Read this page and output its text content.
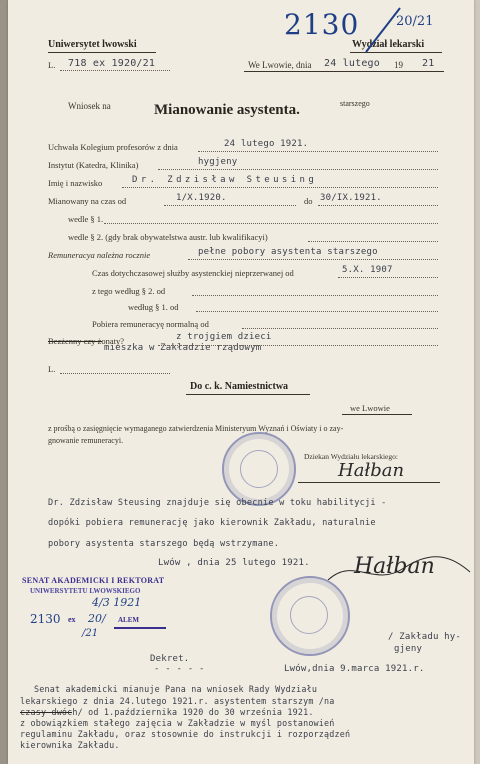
Uniwersytet lwowski	Wydział lekarski
2130	20/21
L. 718 ex 1920/21	We Lwowie, dnia 24 lutego 19 21
Wniosek na	Mianowanie asystenta.	starszego
Uchwała Kolegium profesorów z dnia	24 lutego 1921.
Instytut (Katedra, Klinika)	hygjeny
Imię i nazwisko	Dr. Zdzisław Steusing
Mianowany na czas od	1/X.1920.	do 30/IX.1921.
wedle § 1.
wedle § 2. (gdy brak obywatelstwa austr. lub kwalifikacyi)
Remuneracya należna rocznie	pełne pobory asystenta starszego
Czas dotychczasowej służby asystenckiej nieprzerwanej od	5.X. 1907
z tego według § 2. od
według § 1. od
Pobiera remuneracyę normalną od
Bezżenny czy żonaty?	z trojgiem dzieci
mieszka w Zakładzie rządowym
L.
Do c. k. Namiestnictwa
we Lwowie
z prośbą o zasięgnięcie wymaganego zatwierdzenia Ministeryum Wyznań i Oświaty i o zay-
gnowanie remuneracyi.
Dziekan Wydziału lekarskiego:
Hałban
Dr. Zdzisław Steusing znajduje się obecnie w toku habilitycji -
dopóki pobiera remunerację jako kierownik Zakładu, naturalnie
pobory asystenta starszego będą wstrzymane.
Lwów , dnia 25 lutego 1921. Hałban
SENAT AKADEMICKI I REKTORAT
UNIWERSYTETU LWOWSKIEGO
4/3 1921
2130 ex 20/ ALEM
/21	/ Zakładu hy-
gjeny
Dekret.
- - - - -	Lwów,dnia 9.marca 1921.r.
Senat akademicki mianuje Pana na wniosek Rady Wydziału
lekarskiego z dnia 24.lutego 1921.r. asystentem starszym /na
czasy dwóch/ od 1.października 1920 do 30 września 1921.
z obowiązkiem stałego zajęcia w Zakładzie w myśl postanowień
regulaminu Zakładu, oraz stosownie do instrukcji i rozporządzeń
kierownika Zakładu.
